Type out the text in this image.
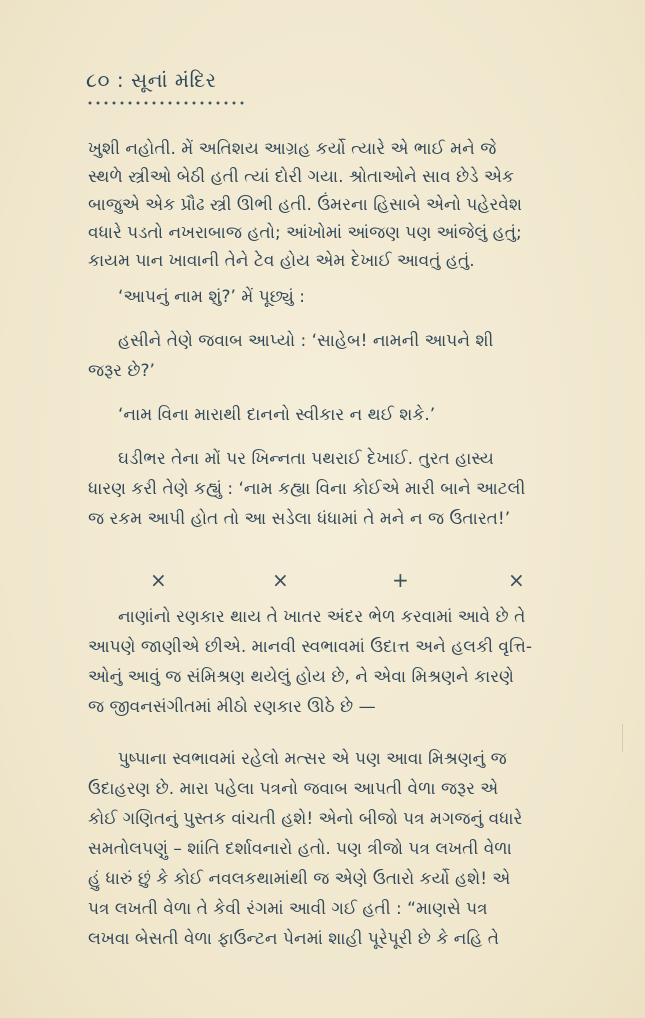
૮૦ : સૂનાં મંદિર
ખુશી નહોતી. મેં અતિશય આગ્રહ કર્યો ત્યારે એ ભાઈ મને જે
સ્થળે સ્ત્રીઓ બેઠી હતી ત્યાં દોરી ગયા. શ્રોતાઓને સાવ છેડે એક
બાજુએ એક પ્રૌઢ સ્ત્રી ઊભી હતી. ઉંમરના હિસાબે એનો પહેરવેશ
વધારે પડતો નખરાબાજ હતો; આંખોમાં આંજણ પણ આંજેલું હતું;
કાયમ પાન ખાવાની તેને ટેવ હોય એમ દેખાઈ આવતું હતું.
‘આપનું નામ શું?’ મેં પૂછ્યું :
હસીને તેણે જવાબ આપ્યો : ‘સાહેબ! નામની આપને શી
જરૂર છે?’
‘નામ વિના મારાથી દાનનો સ્વીકાર ન થઈ શકે.’
ઘડીભર તેના મોં પર ખિન્નતા પથરાઈ દેખાઈ. તુરત હાસ્ય
ધારણ કરી તેણે કહ્યું : ‘નામ કહ્યા વિના કોઈએ મારી બાને આટલી
જ રકમ આપી હોત તો આ સડેલા ધંધામાં તે મને ન જ ઉતારત!’
×	×	+	×
નાણાંનો રણકાર થાય તે ખાતર અંદર ભેળ કરવામાં આવે છે તે
આપણે જાણીએ છીએ. માનવી સ્વભાવમાં ઉદાત્ત અને હલકી વૃત્તિ-
ઓનું આવું જ સંમિશ્રણ થયેલું હોય છે, ને એવા મિશ્રણને કારણે
જ જીવનસંગીતમાં મીઠો રણકાર ઊઠે છે —
પુષ્પાના સ્વભાવમાં રહેલો મત્સર એ પણ આવા મિશ્રણનું જ
ઉદાહરણ છે. મારા પહેલા પત્રનો જવાબ આપતી વેળા જરૂર એ
કોઈ ગણિતનું પુસ્તક વાંચતી હશે! એનો બીજો પત્ર મગજનું વધારે
સમતોલપણું – શાંતિ દર્શાવનારો હતો. પણ ત્રીજો પત્ર લખતી વેળા
હું ધારું છું કે કોઈ નવલકથામાંથી જ એણે ઉતારો કર્યો હશે! એ
પત્ર લખતી વેળા તે કેવી રંગમાં આવી ગઈ હતી : “માણસે પત્ર
લખવા બેસતી વેળા ફાઉન્ટન પેનમાં શાહી પૂરેપૂરી છે કે નહિ તે
